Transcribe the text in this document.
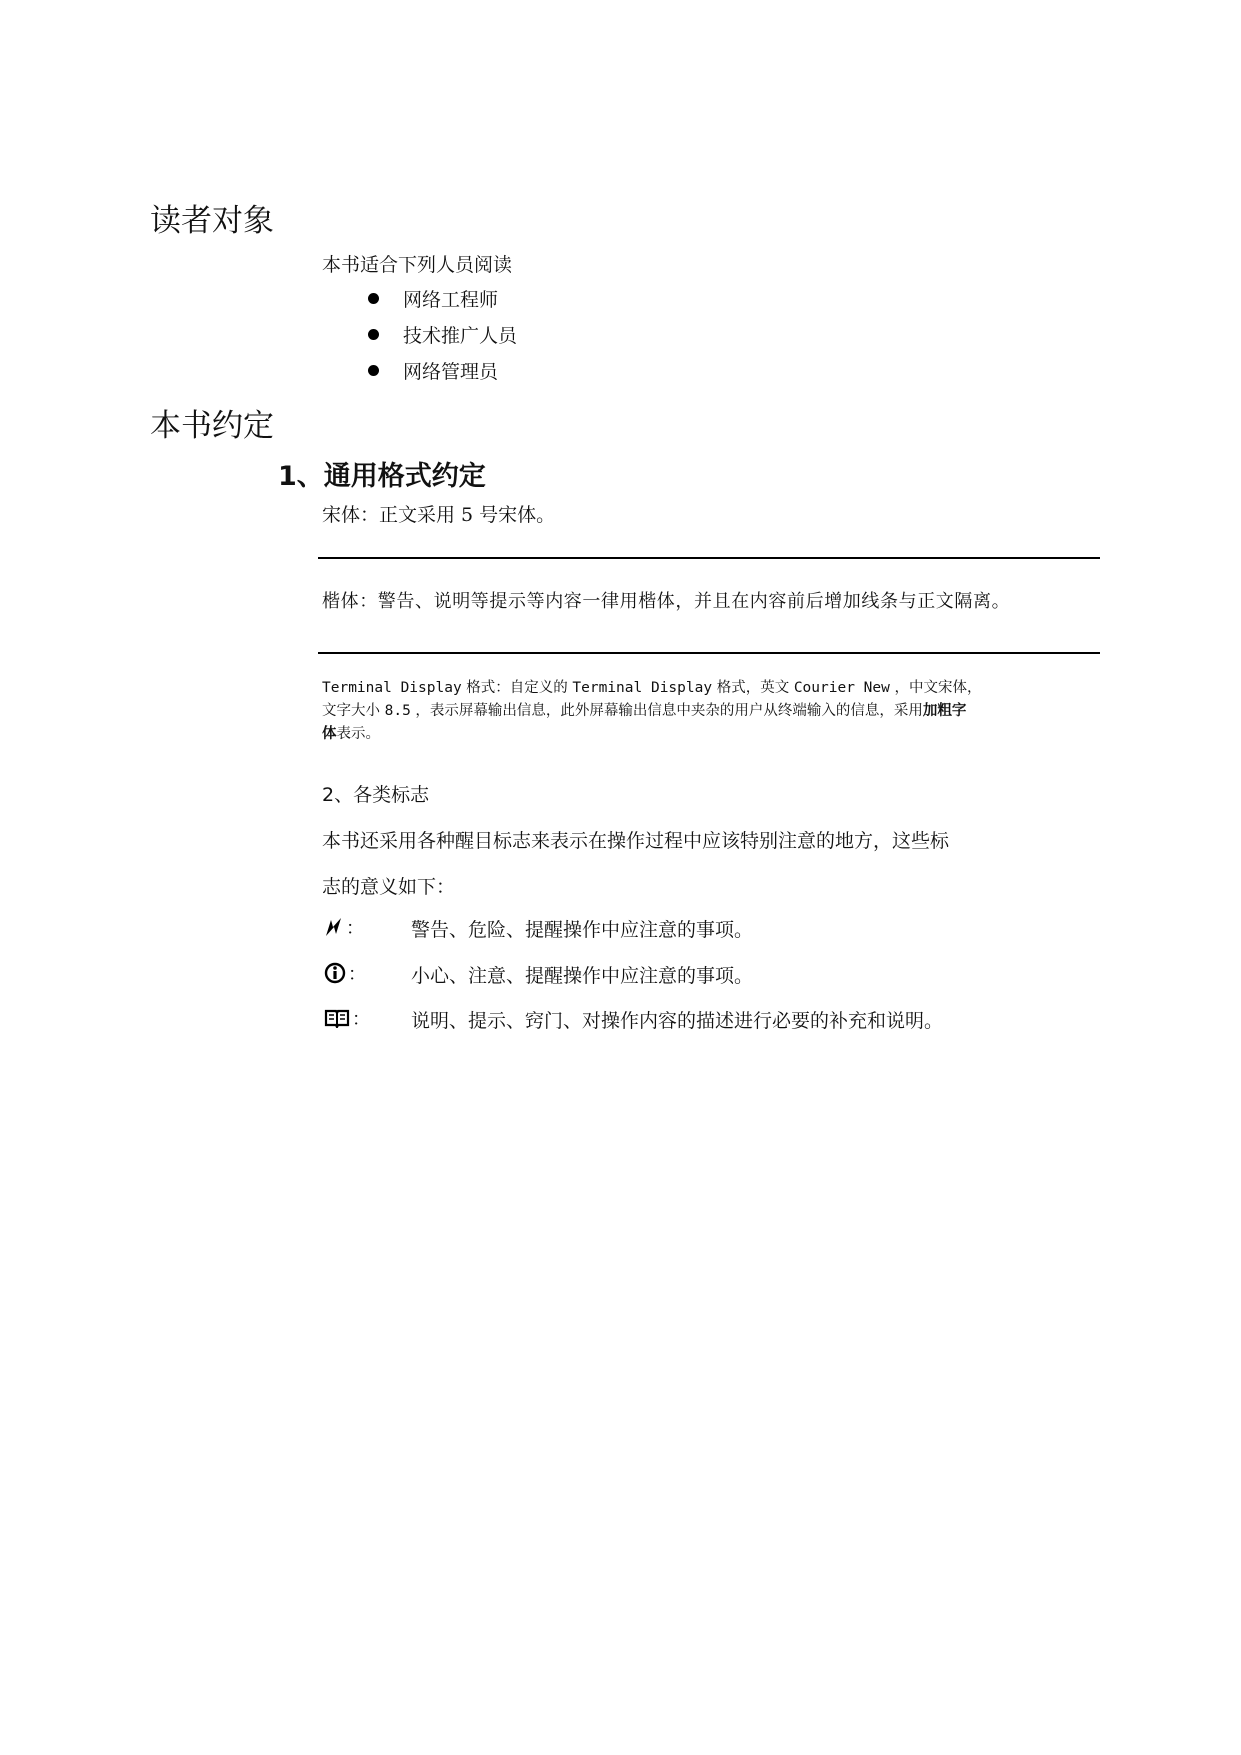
读者对象
本书适合下列人员阅读
网络工程师
技术推广人员
网络管理员
本书约定
1、通用格式约定
宋体：正文采用 5 号宋体。
楷体：警告、说明等提示等内容一律用楷体，并且在内容前后增加线条与正文隔离。
Terminal Display 格式：自定义的 Terminal Display 格式，英文 Courier New ，中文宋体，
文字大小 8.5 ，表示屏幕输出信息，此外屏幕输出信息中夹杂的用户从终端输入的信息，采用加粗字
体表示。
2、各类标志
本书还采用各种醒目标志来表示在操作过程中应该特别注意的地方，这些标
志的意义如下：
： 警告、危险、提醒操作中应注意的事项。
： 小心、注意、提醒操作中应注意的事项。
： 说明、提示、窍门、对操作内容的描述进行必要的补充和说明。
